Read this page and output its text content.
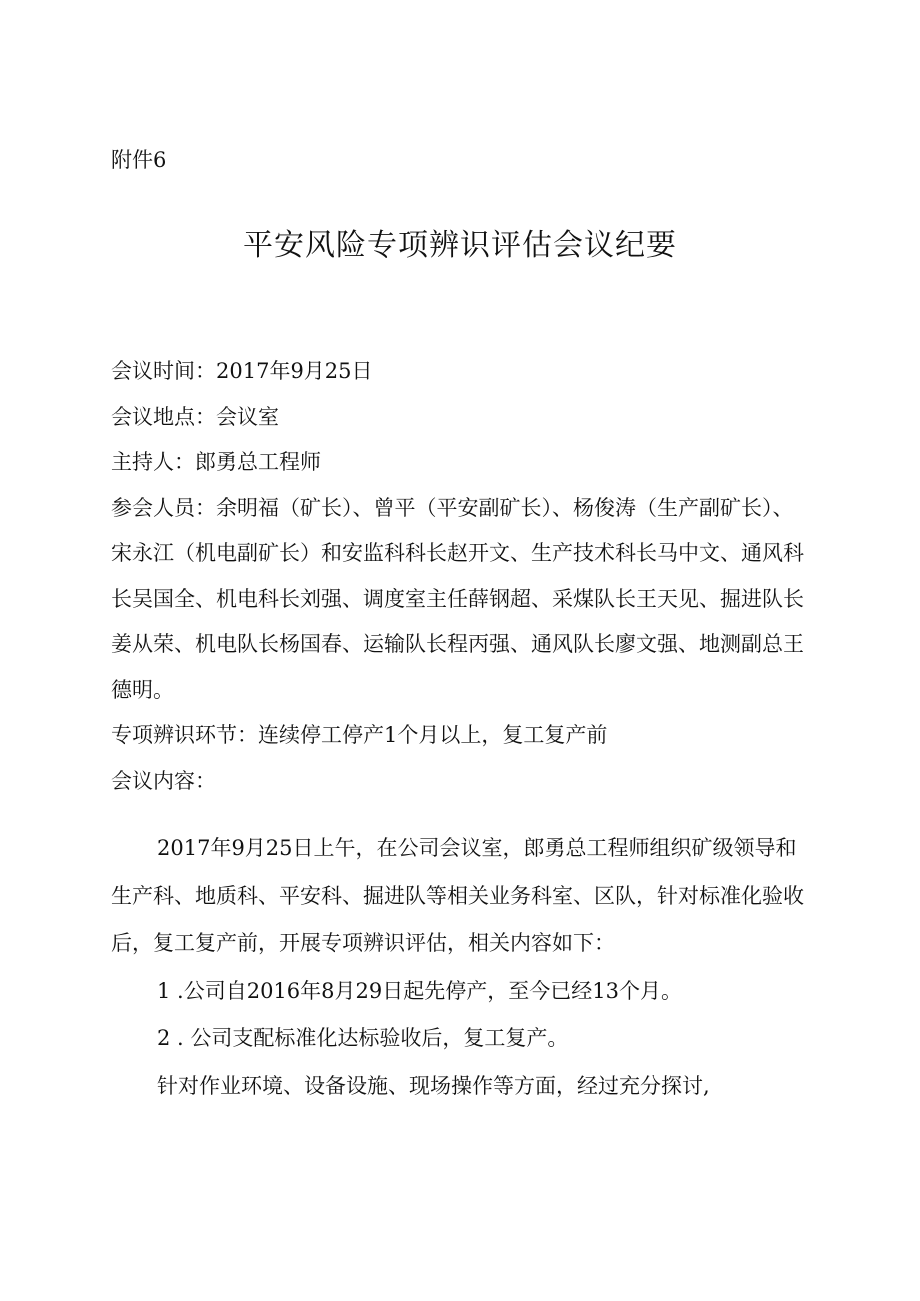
附件6
平安风险专项辨识评估会议纪要

会议时间：2017年9月25日

会议地点：会议室

主持人：郎勇总工程师

参会人员：余明福（矿长）、曾平（平安副矿长）、杨俊涛（生产副矿长）、宋永江（机电副矿长）和安监科科长赵开文、生产技术科长马中文、通风科长吴国全、机电科长刘强、调度室主任薛钢超、采煤队长王天见、掘进队长姜从荣、机电队长杨国春、运输队长程丙强、通风队长廖文强、地测副总王德明。

专项辨识环节：连续停工停产1个月以上，复工复产前

会议内容：

2017年9月25日上午，在公司会议室，郎勇总工程师组织矿级领导和生产科、地质科、平安科、掘进队等相关业务科室、区队，针对标准化验收后，复工复产前，开展专项辨识评估，相关内容如下：

1 .公司自2016年8月29日起先停产，至今已经13个月。

2 . 公司支配标准化达标验收后，复工复产。

针对作业环境、设备设施、现场操作等方面，经过充分探讨,
